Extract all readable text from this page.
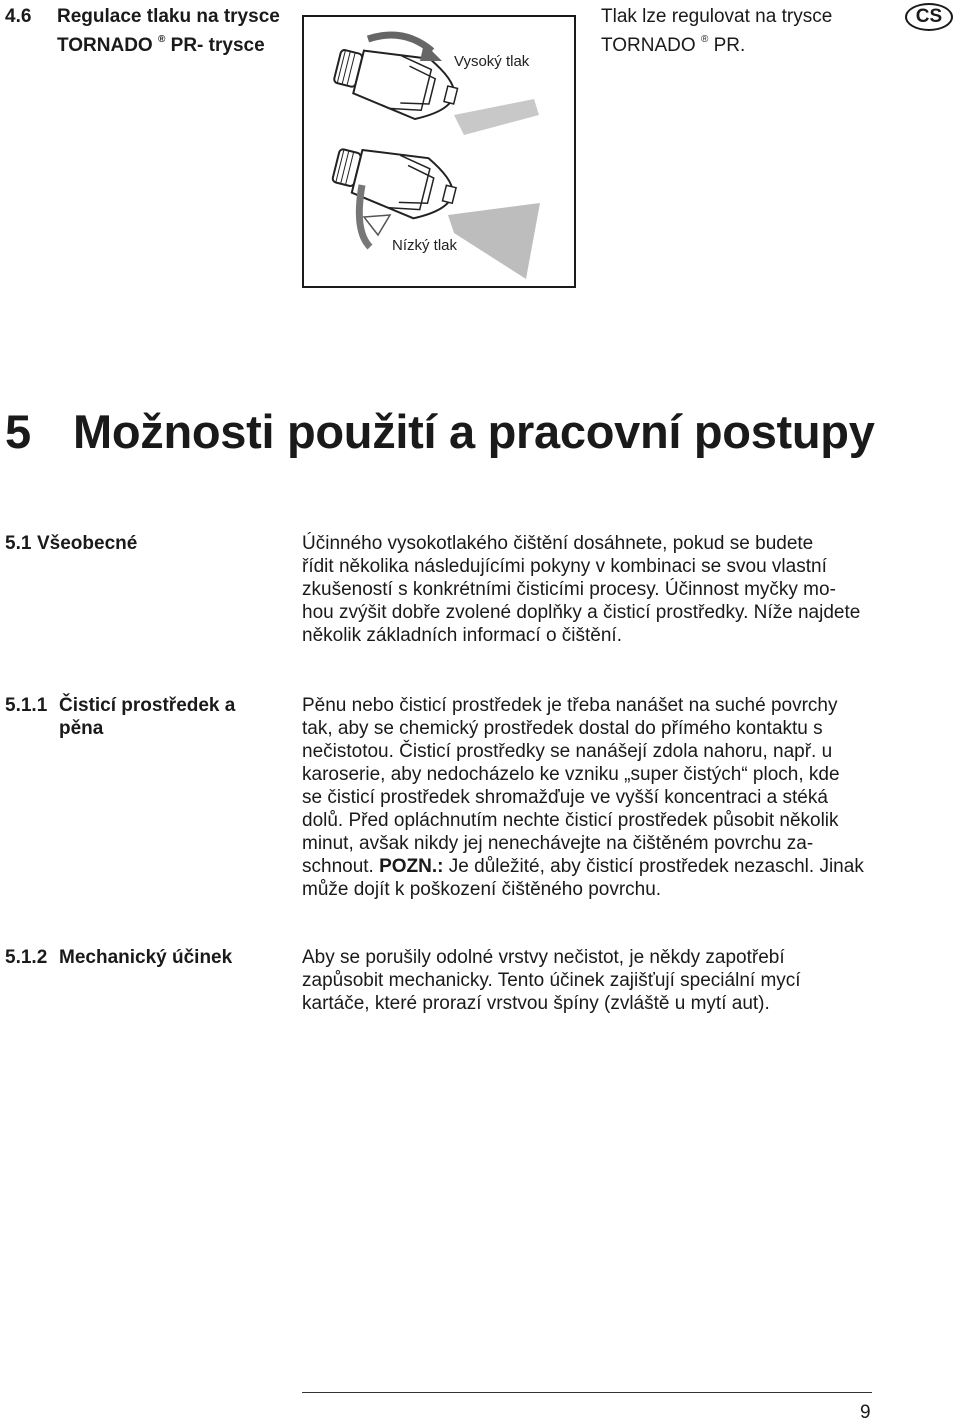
4.6 Regulace tlaku na trysce
TORNADO ® PR- trysce
Tlak lze regulovat na trysce
TORNADO ® PR.
CS
Vysoký tlak
Nízký tlak
5 Možnosti použití a pracovní postupy
5.1 Všeobecné	Účinného vysokotlakého čištění dosáhnete, pokud se budete

řídit několika následujícími pokyny v kombinaci se svou vlastní

zkušeností s konkrétními čisticími procesy. Účinnost myčky mo-

hou zvýšit dobře zvolené doplňky a čisticí prostředky. Níže najdete

několik základních informací o čištění.

5.1.1 Čisticí prostředek a
pěna

Pěnu nebo čisticí prostředek je třeba nanášet na suché povrchy

tak, aby se chemický prostředek dostal do přímého kontaktu s

nečistotou. Čisticí prostředky se nanášejí zdola nahoru, např. u

karoserie, aby nedocházelo ke vzniku „super čistých“ ploch, kde

se čisticí prostředek shromažďuje ve vyšší koncentraci a stéká

dolů. Před opláchnutím nechte čisticí prostředek působit několik

minut, avšak nikdy jej nenechávejte na čištěném povrchu za-

schnout. POZN.: Je důležité, aby čisticí prostředek nezaschl. Jinak

může dojít k poškození čištěného povrchu.

5.1.2 Mechanický účinek	Aby se porušily odolné vrstvy nečistot, je někdy zapotřebí

zapůsobit mechanicky. Tento účinek zajišťují speciální mycí

kartáče, které prorazí vrstvou špíny (zvláště u mytí aut).

9
